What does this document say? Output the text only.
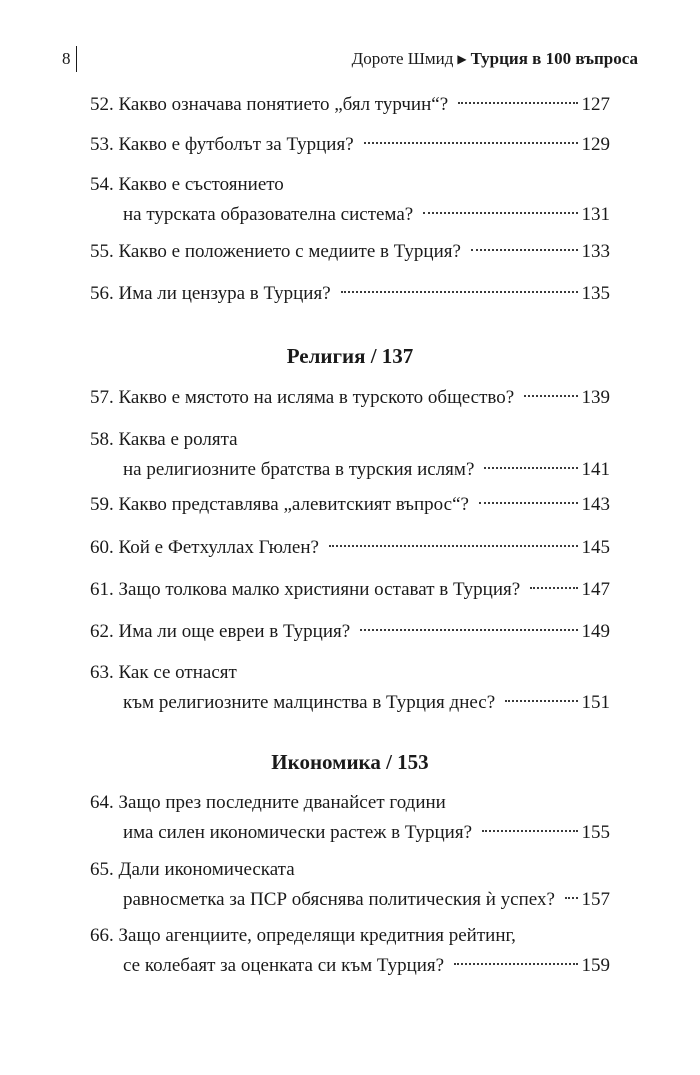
8	Дороте Шмид ▶ Турция в 100 въпроса
52. Какво означава понятието „бял турчин“?	127
53. Какво е футболът за Турция?	129
54. Какво е състоянието
на турската образователна система?	131
55. Какво е положението с медиите в Турция?	133
56. Има ли цензура в Турция?	135
Религия / 137
57. Какво е мястото на исляма в турското общество?	139
58. Каква е ролята
на религиозните братства в турския ислям?	141
59. Какво представлява „алевитският въпрос“?	143
60. Кой е Фетхуллах Гюлен?	145
61. Защо толкова малко християни остават в Турция?	147
62. Има ли още евреи в Турция?	149
63. Как се отнасят
към религиозните малцинства в Турция днес?	151
Икономика / 153
64. Защо през последните дванайсет години
има силен икономически растеж в Турция?	155
65. Дали икономическата
равносметка за ПСР обяснява политическия ѝ успех? 157
66. Защо агенциите, определящи кредитния рейтинг,
се колебаят за оценката си към Турция?	159
